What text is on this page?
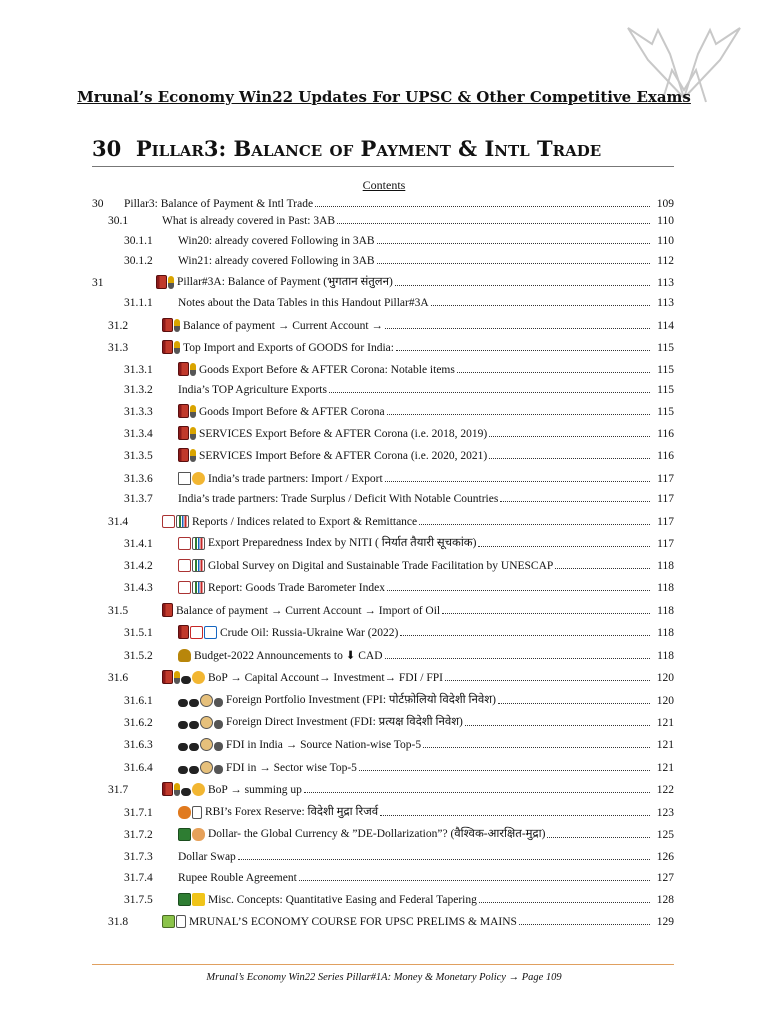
Mrunal’s Economy Win22 Updates For UPSC & Other Competitive Exams
30 Pillar3: Balance of Payment & Intl Trade
Contents
30 Pillar3: Balance of Payment & Intl Trade	109
30.1	What is already covered in Past: 3AB	110
30.1.1 Win20: already covered Following in 3AB	110
30.1.2 Win21: already covered Following in 3AB	112
31	Pillar#3A: Balance of Payment (भुगतान संतुलन)	113
31.1.1 Notes about the Data Tables in this Handout Pillar#3A	113
31.2	Balance of payment → Current Account →	114
31.3	Top Import and Exports of GOODS for India:	115
31.3.1	Goods Export Before & AFTER Corona: Notable items	115
31.3.2 India’s TOP Agriculture Exports	115
31.3.3	Goods Import Before & AFTER Corona	115
31.3.4	SERVICES Export Before & AFTER Corona (i.e. 2018, 2019)	116
31.3.5	SERVICES Import Before & AFTER Corona (i.e. 2020, 2021)	116
31.3.6	India’s trade partners: Import / Export	117
31.3.7 India’s trade partners: Trade Surplus / Deficit With Notable Countries	117
31.4	Reports / Indices related to Export & Remittance	117
31.4.1	Export Preparedness Index by NITI ( निर्यात तैयारी सूचकांक)	117
31.4.2	Global Survey on Digital and Sustainable Trade Facilitation by UNESCAP	118
31.4.3	Report: Goods Trade Barometer Index	118
31.5	Balance of payment → Current Account → Import of Oil	118
31.5.1	Crude Oil: Russia-Ukraine War (2022)	118
31.5.2	Budget-2022 Announcements to ⬇ CAD	118
31.6	BoP → Capital Account→ Investment→ FDI / FPI	120
31.6.1	Foreign Portfolio Investment (FPI: पोर्टफ़ोलियो विदेशी निवेश)	120
31.6.2	Foreign Direct Investment (FDI: प्रत्यक्ष विदेशी निवेश)	121
31.6.3	FDI in India → Source Nation-wise Top-5	121
31.6.4	FDI in → Sector wise Top-5	121
31.7	BoP → summing up	122
31.7.1	RBI’s Forex Reserve: विदेशी मुद्रा रिजर्व	123
31.7.2	Dollar- the Global Currency & ”DE-Dollarization”? (वैश्विक-आरक्षित-मुद्रा)	125
31.7.3 Dollar Swap	126
31.7.4 Rupee Rouble Agreement	127
31.7.5	Misc. Concepts: Quantitative Easing and Federal Tapering	128
31.8	MRUNAL’S ECONOMY COURSE FOR UPSC PRELIMS & MAINS	129
Mrunal’s Economy Win22 Series Pillar#1A: Money & Monetary Policy → Page 109
